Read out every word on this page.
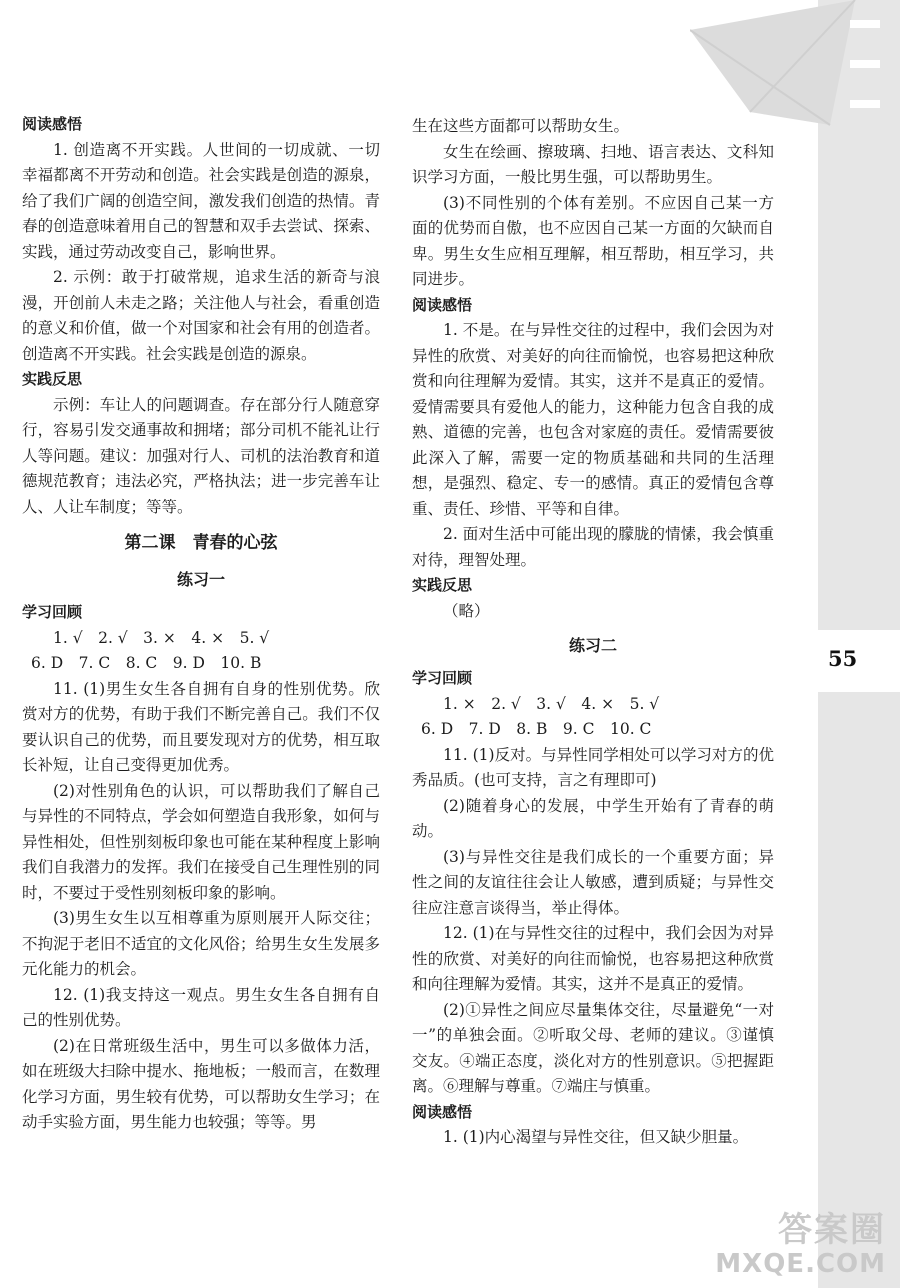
55
阅读感悟

1. 创造离不开实践。人世间的一切成就、一切幸福都离不开劳动和创造。社会实践是创造的源泉，给了我们广阔的创造空间，激发我们创造的热情。青春的创造意味着用自己的智慧和双手去尝试、探索、实践，通过劳动改变自己，影响世界。

2. 示例：敢于打破常规，追求生活的新奇与浪漫，开创前人未走之路；关注他人与社会，看重创造的意义和价值，做一个对国家和社会有用的创造者。创造离不开实践。社会实践是创造的源泉。

实践反思

示例：车让人的问题调查。存在部分行人随意穿行，容易引发交通事故和拥堵；部分司机不能礼让行人等问题。建议：加强对行人、司机的法治教育和道德规范教育；违法必究，严格执法；进一步完善车让人、人让车制度；等等。

第二课　青春的心弦
练习一
学习回顾

1. √　2. √　3. ×　4. ×　5. √

6. D　7. C　8. C　9. D　10. B

11. (1)男生女生各自拥有自身的性别优势。欣赏对方的优势，有助于我们不断完善自己。我们不仅要认识自己的优势，而且要发现对方的优势，相互取长补短，让自己变得更加优秀。

(2)对性别角色的认识，可以帮助我们了解自己与异性的不同特点，学会如何塑造自我形象，如何与异性相处，但性别刻板印象也可能在某种程度上影响我们自我潜力的发挥。我们在接受自己生理性别的同时，不要过于受性别刻板印象的影响。

(3)男生女生以互相尊重为原则展开人际交往；不拘泥于老旧不适宜的文化风俗；给男生女生发展多元化能力的机会。

12. (1)我支持这一观点。男生女生各自拥有自己的性别优势。

(2)在日常班级生活中，男生可以多做体力活，如在班级大扫除中提水、拖地板；一般而言，在数理化学习方面，男生较有优势，可以帮助女生学习；在动手实验方面，男生能力也较强；等等。男

生在这些方面都可以帮助女生。

女生在绘画、擦玻璃、扫地、语言表达、文科知识学习方面，一般比男生强，可以帮助男生。

(3)不同性别的个体有差别。不应因自己某一方面的优势而自傲，也不应因自己某一方面的欠缺而自卑。男生女生应相互理解，相互帮助，相互学习，共同进步。

阅读感悟

1. 不是。在与异性交往的过程中，我们会因为对异性的欣赏、对美好的向往而愉悦，也容易把这种欣赏和向往理解为爱情。其实，这并不是真正的爱情。爱情需要具有爱他人的能力，这种能力包含自我的成熟、道德的完善，也包含对家庭的责任。爱情需要彼此深入了解，需要一定的物质基础和共同的生活理想，是强烈、稳定、专一的感情。真正的爱情包含尊重、责任、珍惜、平等和自律。

2. 面对生活中可能出现的朦胧的情愫，我会慎重对待，理智处理。

实践反思

（略）

练习二
学习回顾

1. ×　2. √　3. √　4. ×　5. √

6. D　7. D　8. B　9. C　10. C

11. (1)反对。与异性同学相处可以学习对方的优秀品质。(也可支持，言之有理即可)

(2)随着身心的发展，中学生开始有了青春的萌动。

(3)与异性交往是我们成长的一个重要方面；异性之间的友谊往往会让人敏感，遭到质疑；与异性交往应注意言谈得当，举止得体。

12. (1)在与异性交往的过程中，我们会因为对异性的欣赏、对美好的向往而愉悦，也容易把这种欣赏和向往理解为爱情。其实，这并不是真正的爱情。

(2)①异性之间应尽量集体交往，尽量避免“一对一”的单独会面。②听取父母、老师的建议。③谨慎交友。④端正态度，淡化对方的性别意识。⑤把握距离。⑥理解与尊重。⑦端庄与慎重。

阅读感悟

1. (1)内心渴望与异性交往，但又缺少胆量。

答案圈
MXQE.COM
